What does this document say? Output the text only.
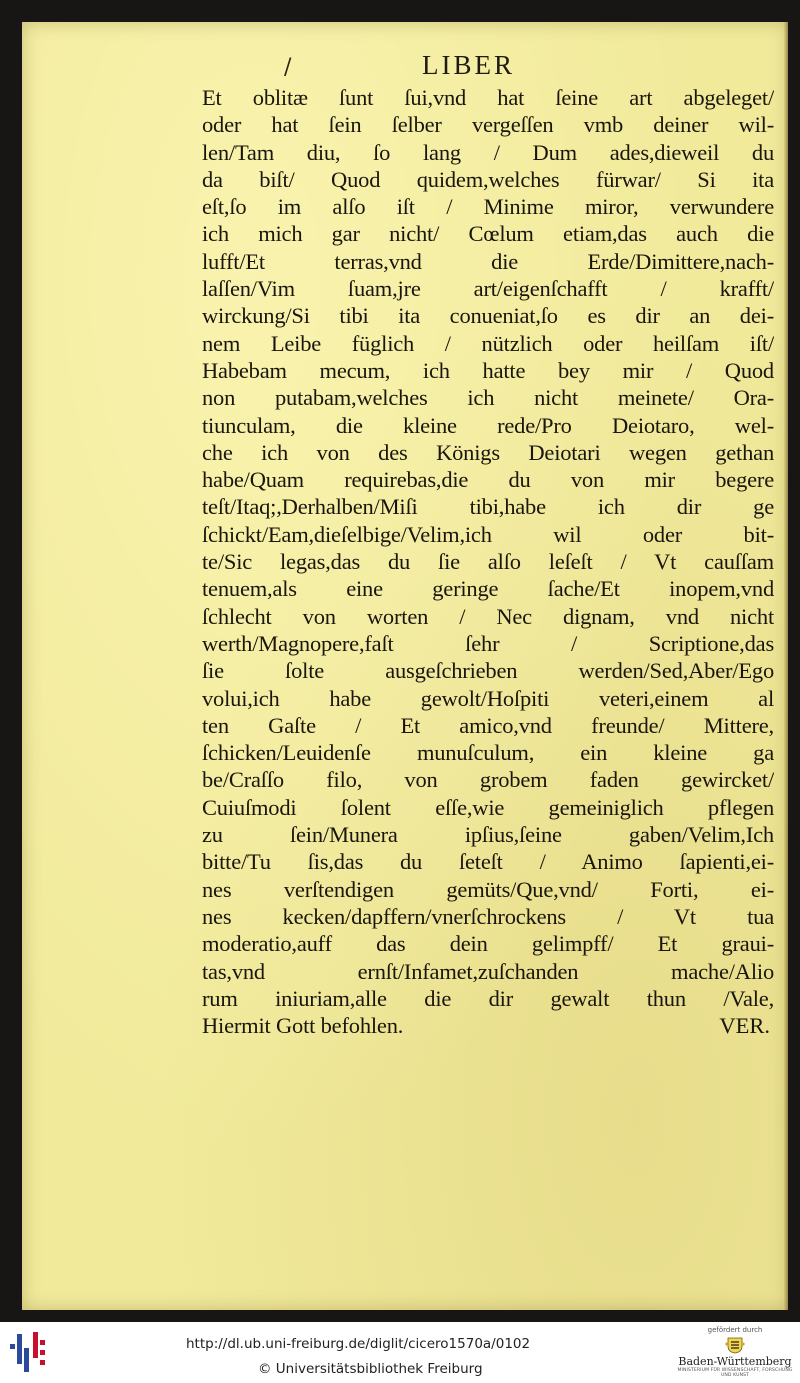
/	LIBER
Et oblitæ ſunt ſui,vnd hat ſeine art abgeleget/
oder hat ſein ſelber vergeſſen vmb deiner wil-
len/Tam diu, ſo lang / Dum ades,dieweil du
da biſt/ Quod quidem,welches fürwar/ Si ita
eſt,ſo im alſo iſt / Minime miror, verwundere
ich mich gar nicht/ Cœlum etiam,das auch die
lufft/Et terras,vnd die Erde/Dimittere,nach-
laſſen/Vim ſuam,jre art/eigenſchafft / krafft/
wirckung/Si tibi ita conueniat,ſo es dir an dei-
nem Leibe füglich / nützlich oder heilſam iſt/
Habebam mecum, ich hatte bey mir / Quod
non putabam,welches ich nicht meinete/ Ora-
tiunculam, die kleine rede/Pro Deiotaro, wel-
che ich von des Königs Deiotari wegen gethan
habe/Quam requirebas,die du von mir begere
teſt/Itaq;,Derhalben/Miſi tibi,habe ich dir ge
ſchickt/Eam,dieſelbige/Velim,ich wil oder bit-
te/Sic legas,das du ſie alſo leſeſt / Vt cauſſam
tenuem,als eine geringe ſache/Et inopem,vnd
ſchlecht von worten / Nec dignam, vnd nicht
werth/Magnopere,faſt ſehr / Scriptione,das
ſie ſolte ausgeſchrieben werden/Sed,Aber/Ego
volui,ich habe gewolt/Hoſpiti veteri,einem al
ten Gaſte / Et amico,vnd freunde/ Mittere,
ſchicken/Leuidenſe munuſculum, ein kleine ga
be/Craſſo filo, von grobem faden gewircket/
Cuiuſmodi ſolent eſſe,wie gemeiniglich pflegen
zu ſein/Munera ipſius,ſeine gaben/Velim,Ich
bitte/Tu ſis,das du ſeteſt / Animo ſapienti,ei-
nes verſtendigen gemüts/Que,vnd/ Forti, ei-
nes kecken/dapffern/vnerſchrockens / Vt tua
moderatio,auff das dein gelimpff/ Et graui-
tas,vnd ernſt/Infamet,zuſchanden mache/Alio
rum iniuriam,alle die dir gewalt thun /Vale,
Hiermit Gott befohlen.	VER.
http://dl.ub.uni-freiburg.de/diglit/cicero1570a/0102
© Universitätsbibliothek Freiburg
gefördert durch
Baden-Württemberg
MINISTERIUM FÜR WISSENSCHAFT, FORSCHUNG UND KUNST
